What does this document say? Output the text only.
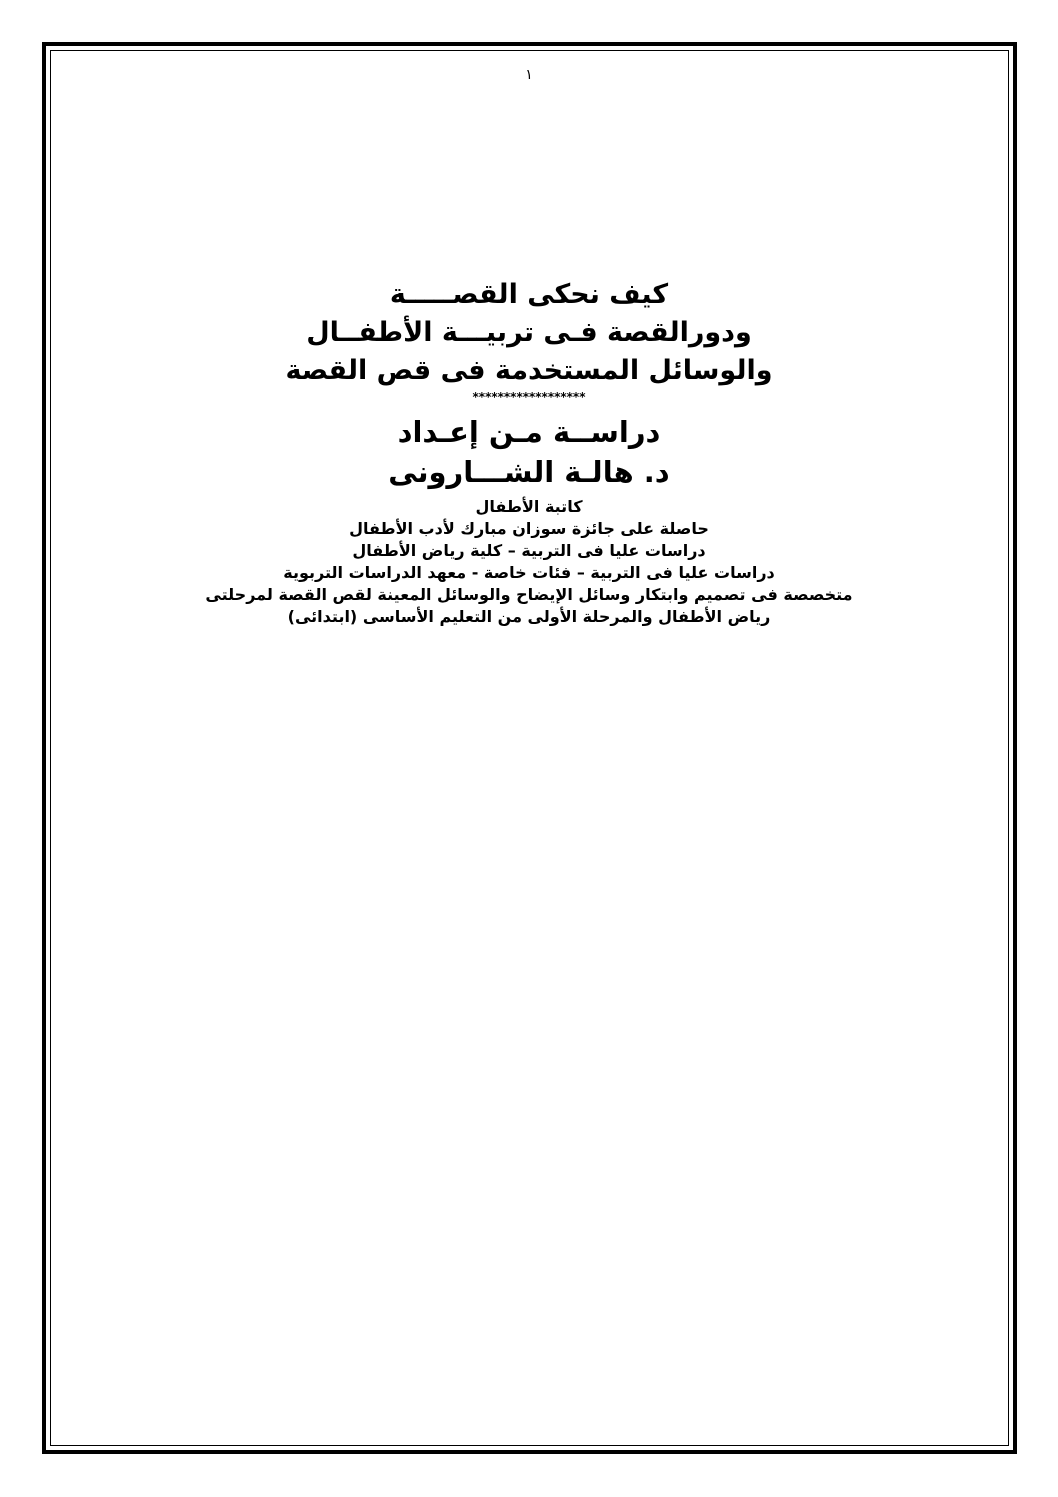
١

كيف نحكى القصـــــة

ودورالقصة فـى تربيـــة الأطفــال

والوسائل المستخدمة فى قص القصة

******************

دراســة مـن إعـداد

د. هالـة الشـــارونى

كاتبة الأطفال

حاصلة على جائزة سوزان مبارك لأدب الأطفال

دراسات عليا فى التربية – كلية رياض الأطفال

دراسات عليا فى التربية – فئات خاصة - معهد الدراسات التربوية

متخصصة فى تصميم وابتكار وسائل الإيضاح والوسائل المعينة لقص القصة لمرحلتى

رياض الأطفال والمرحلة الأولى من التعليم الأساسى (ابتدائى)
